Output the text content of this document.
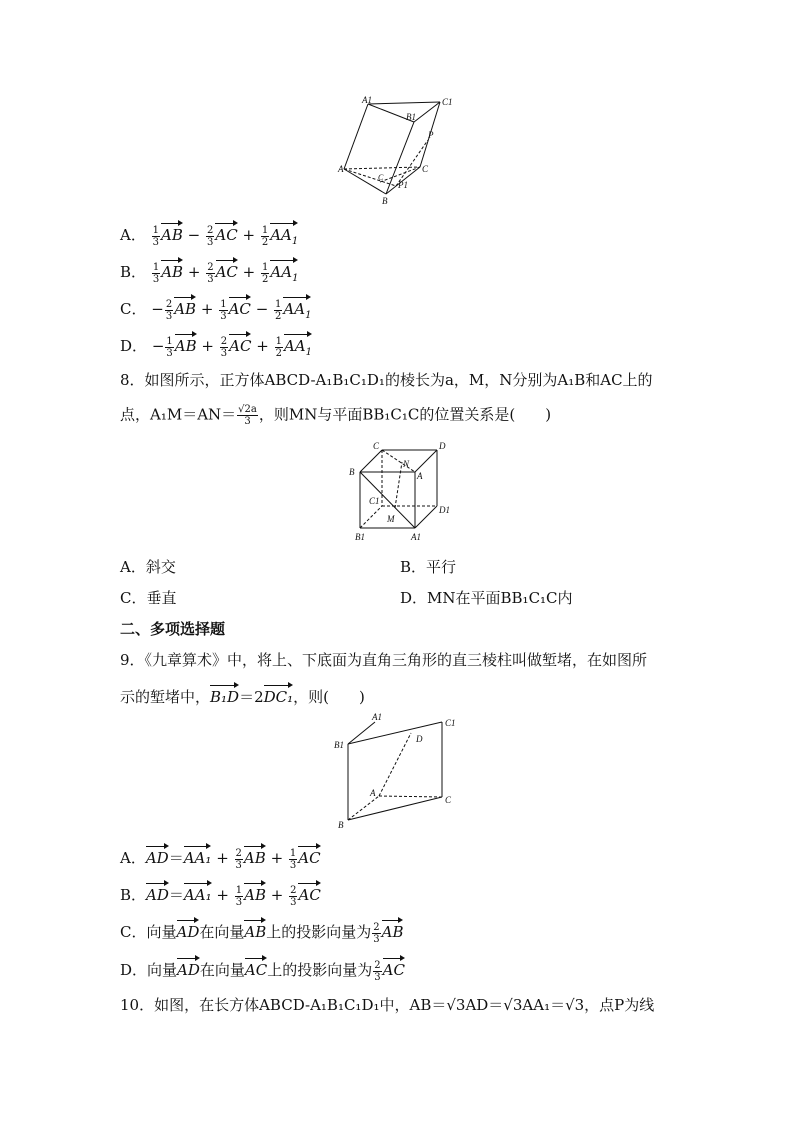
A1	C1
B1
P
A	C
C
P1
B
A． $\frac{1}{3}$ AB − $\frac{2}{3}$ AC + $\frac{1}{2} AA_1$
B． $\frac{1}{3}$ AB + $\frac{2}{3}$ AC + $\frac{1}{2} AA_1$
C． − $\frac{2}{3}$ AB + $\frac{1}{3}$ AC − $\frac{1}{2} AA_1$
D． − $\frac{1}{3}$ AB + $\frac{2}{3}$ AC + $\frac{1}{2} AA_1$
8．如图所示，正方体ABCD-A₁B₁C₁D₁的棱长为a，M，N分别为A₁B和AC上的
点，$A_1M=AN= \frac{√2a}{3}$ ，则MN与平面BB₁C₁C的位置关系是(　　)
C	D
B
N
A
C1
M
D1
B1	A1
A．斜交	B．平行
C．垂直	D．MN在平面BB₁C₁C内
二、多项选择题
9．《九章算术》中，将上、下底面为直角三角形的直三棱柱叫做堑堵，在如图所
示的堑堵中，B₁D＝2DC₁，则(　　)
A1
C1
B1
D
A
C
B
A．$AD=AA_1 + \frac{2}{3}$ AB + $\frac{1}{3}$ AC
B．$AD=AA_1 + \frac{1}{3}$ AB + $\frac{2}{3}$ AC
C．向量AD在向量AB上的投影向量为 $\frac{2}{3}$ AB
D．向量AD在向量AC上的投影向量为 $\frac{2}{3}$ AC
10．如图，在长方体ABCD-A₁B₁C₁D₁中，AB＝√3AD＝√3AA₁＝√3，点P为线
